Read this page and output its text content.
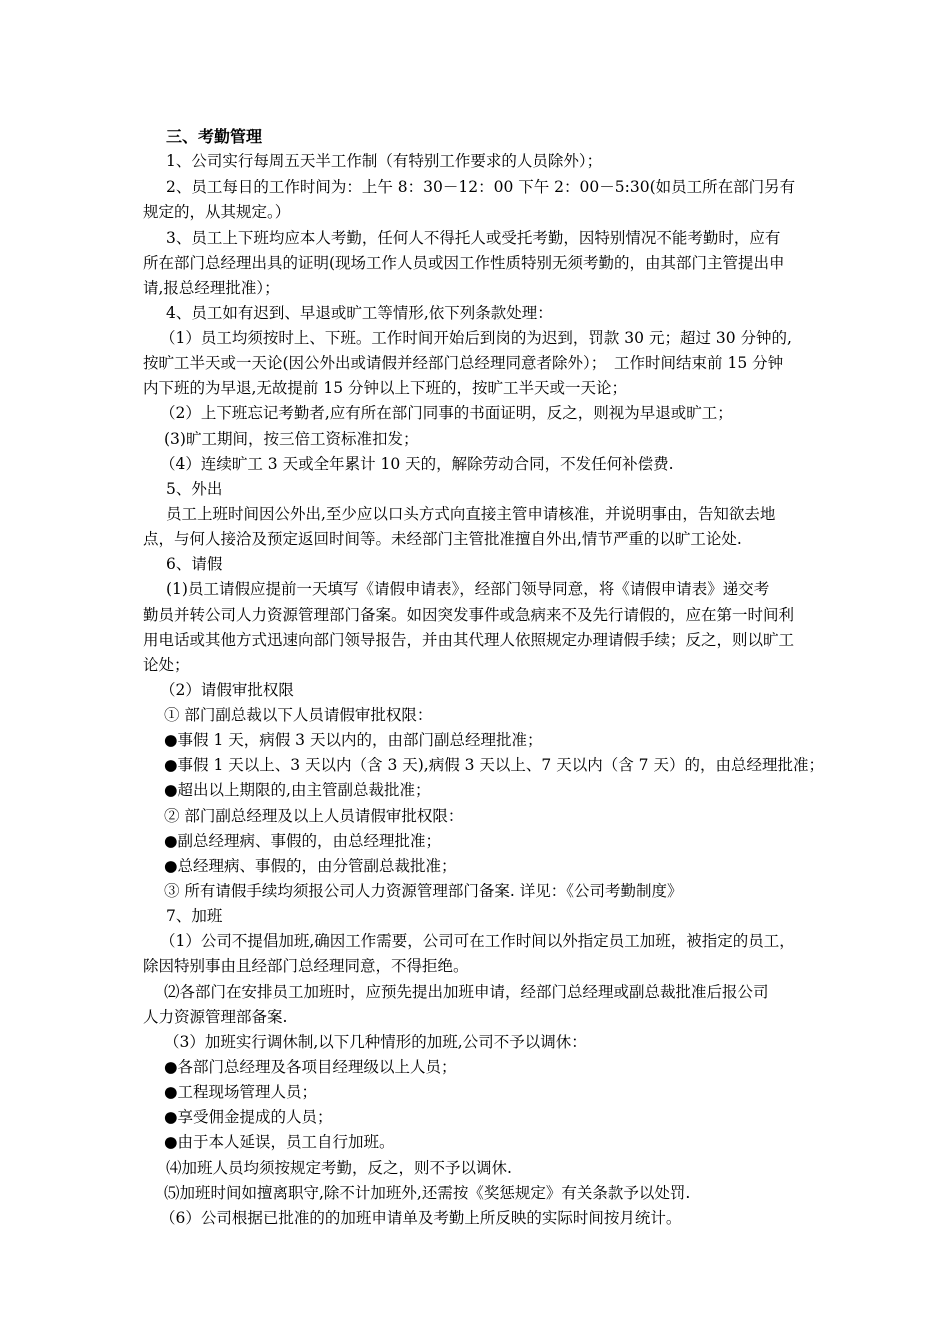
三、考勤管理
1、公司实行每周五天半工作制（有特别工作要求的人员除外）；
2、员工每日的工作时间为：上午 8：30－12：00 下午 2：00－5:30(如员工所在部门另有
规定的，从其规定。）
3、员工上下班均应本人考勤，任何人不得托人或受托考勤，因特别情况不能考勤时，应有
所在部门总经理出具的证明(现场工作人员或因工作性质特别无须考勤的，由其部门主管提出申
请,报总经理批准）；
4、员工如有迟到、早退或旷工等情形,依下列条款处理：
（1）员工均须按时上、下班。工作时间开始后到岗的为迟到，罚款 30 元；超过 30 分钟的,
按旷工半天或一天论(因公外出或请假并经部门总经理同意者除外）；　工作时间结束前 15 分钟
内下班的为早退,无故提前 15 分钟以上下班的，按旷工半天或一天论；
（2）上下班忘记考勤者,应有所在部门同事的书面证明，反之，则视为早退或旷工；
(3)旷工期间，按三倍工资标准扣发；
（4）连续旷工 3 天或全年累计 10 天的，解除劳动合同，不发任何补偿费.
5、外出
员工上班时间因公外出,至少应以口头方式向直接主管申请核准，并说明事由，告知欲去地
点，与何人接洽及预定返回时间等。未经部门主管批准擅自外出,情节严重的以旷工论处.
6、请假
(1)员工请假应提前一天填写《请假申请表》，经部门领导同意，将《请假申请表》递交考
勤员并转公司人力资源管理部门备案。如因突发事件或急病来不及先行请假的，应在第一时间利
用电话或其他方式迅速向部门领导报告，并由其代理人依照规定办理请假手续；反之，则以旷工
论处；
（2）请假审批权限
① 部门副总裁以下人员请假审批权限：
●事假 1 天，病假 3 天以内的，由部门副总经理批准；
●事假 1 天以上、3 天以内（含 3 天),病假 3 天以上、7 天以内（含 7 天）的，由总经理批准；
●超出以上期限的,由主管副总裁批准；
② 部门副总经理及以上人员请假审批权限：
●副总经理病、事假的，由总经理批准；
●总经理病、事假的，由分管副总裁批准；
③ 所有请假手续均须报公司人力资源管理部门备案. 详见：《公司考勤制度》
7、加班
（1）公司不提倡加班,确因工作需要，公司可在工作时间以外指定员工加班，被指定的员工，
除因特别事由且经部门总经理同意，不得拒绝。
⑵各部门在安排员工加班时，应预先提出加班申请，经部门总经理或副总裁批准后报公司
人力资源管理部备案.
（3）加班实行调休制,以下几种情形的加班,公司不予以调休：
●各部门总经理及各项目经理级以上人员；
●工程现场管理人员；
●享受佣金提成的人员；
●由于本人延误，员工自行加班。
⑷加班人员均须按规定考勤，反之，则不予以调休.
⑸加班时间如擅离职守,除不计加班外,还需按《奖惩规定》有关条款予以处罚.
（6）公司根据已批准的的加班申请单及考勤上所反映的实际时间按月统计。
